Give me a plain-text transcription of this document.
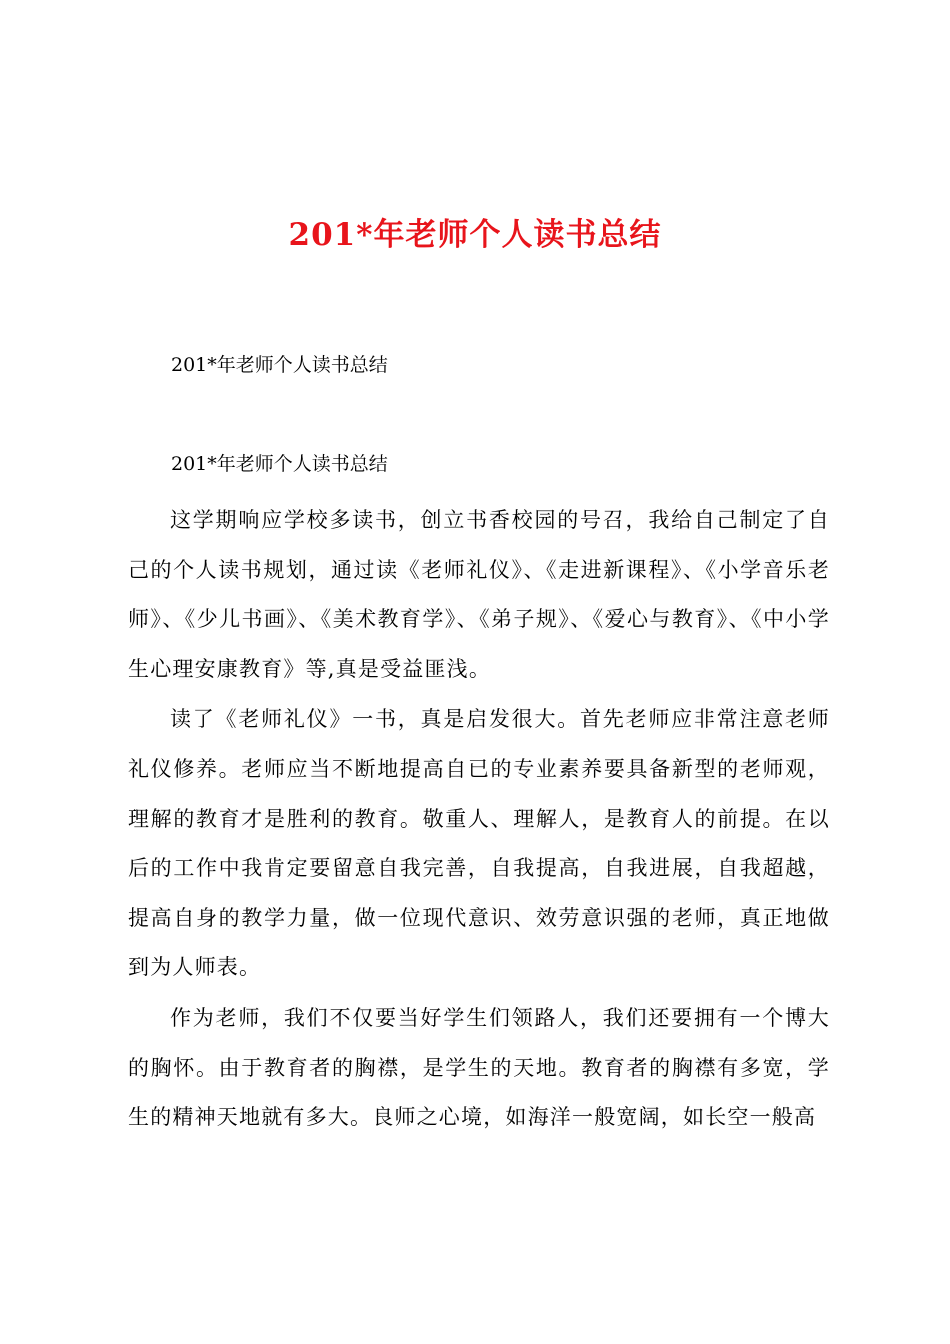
201*年老师个人读书总结
201*年老师个人读书总结
201*年老师个人读书总结

这学期响应学校多读书，创立书香校园的号召，我给自己制定了自己的个人读书规划，通过读《老师礼仪》、《走进新课程》、《小学音乐老师》、《少儿书画》、《美术教育学》、《弟子规》、《爱心与教育》、《中小学生心理安康教育》等,真是受益匪浅。

读了《老师礼仪》一书，真是启发很大。首先老师应非常注意老师礼仪修养。老师应当不断地提高自已的专业素养要具备新型的老师观，理解的教育才是胜利的教育。敬重人、理解人，是教育人的前提。在以后的工作中我肯定要留意自我完善，自我提高，自我进展，自我超越，提高自身的教学力量，做一位现代意识、效劳意识强的老师，真正地做到为人师表。

作为老师，我们不仅要当好学生们领路人，我们还要拥有一个博大的胸怀。由于教育者的胸襟，是学生的天地。教育者的胸襟有多宽，学生的精神天地就有多大。良师之心境，如海洋一般宽阔，如长空一般高
